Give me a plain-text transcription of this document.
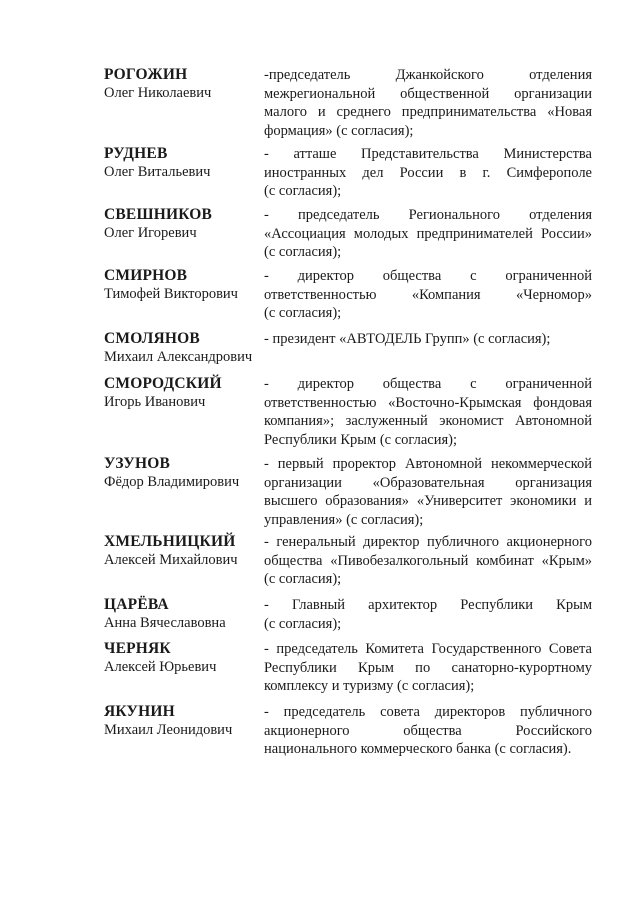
РОГОЖИН
Олег Николаевич
-председатель Джанкойского отделения
межрегиональной общественной организации
малого и среднего предпринимательства «Новая
формация» (с согласия);
РУДНЕВ
Олег Витальевич
- атташе Представительства Министерства
иностранных дел России в г. Симферополе
(с согласия);
СВЕШНИКОВ
Олег Игоревич
- председатель Регионального отделения
«Ассоциация молодых предпринимателей России»
(с согласия);
СМИРНОВ
Тимофей Викторович
- директор общества с ограниченной
ответственностью «Компания «Черномор»
(с согласия);
СМОЛЯНОВ
Михаил Александрович
- президент «АВТОДЕЛЬ Групп» (с согласия);
СМОРОДСКИЙ
Игорь Иванович
- директор общества с ограниченной
ответственностью «Восточно-Крымская фондовая
компания»; заслуженный экономист Автономной
Республики Крым (с согласия);
УЗУНОВ
Фёдор Владимирович
- первый проректор Автономной некоммерческой
организации «Образовательная организация
высшего образования» «Университет экономики и
управления» (с согласия);
ХМЕЛЬНИЦКИЙ
Алексей Михайлович
- генеральный директор публичного акционерного
общества «Пивобезалкогольный комбинат «Крым»
(с согласия);
ЦАРЁВА
Анна Вячеславовна
- Главный архитектор Республики Крым
(с согласия);
ЧЕРНЯК
Алексей Юрьевич
- председатель Комитета Государственного Совета
Республики Крым по санаторно-курортному
комплексу и туризму (с согласия);
ЯКУНИН
Михаил Леонидович
- председатель совета директоров публичного
акционерного общества Российского
национального коммерческого банка (с согласия).
